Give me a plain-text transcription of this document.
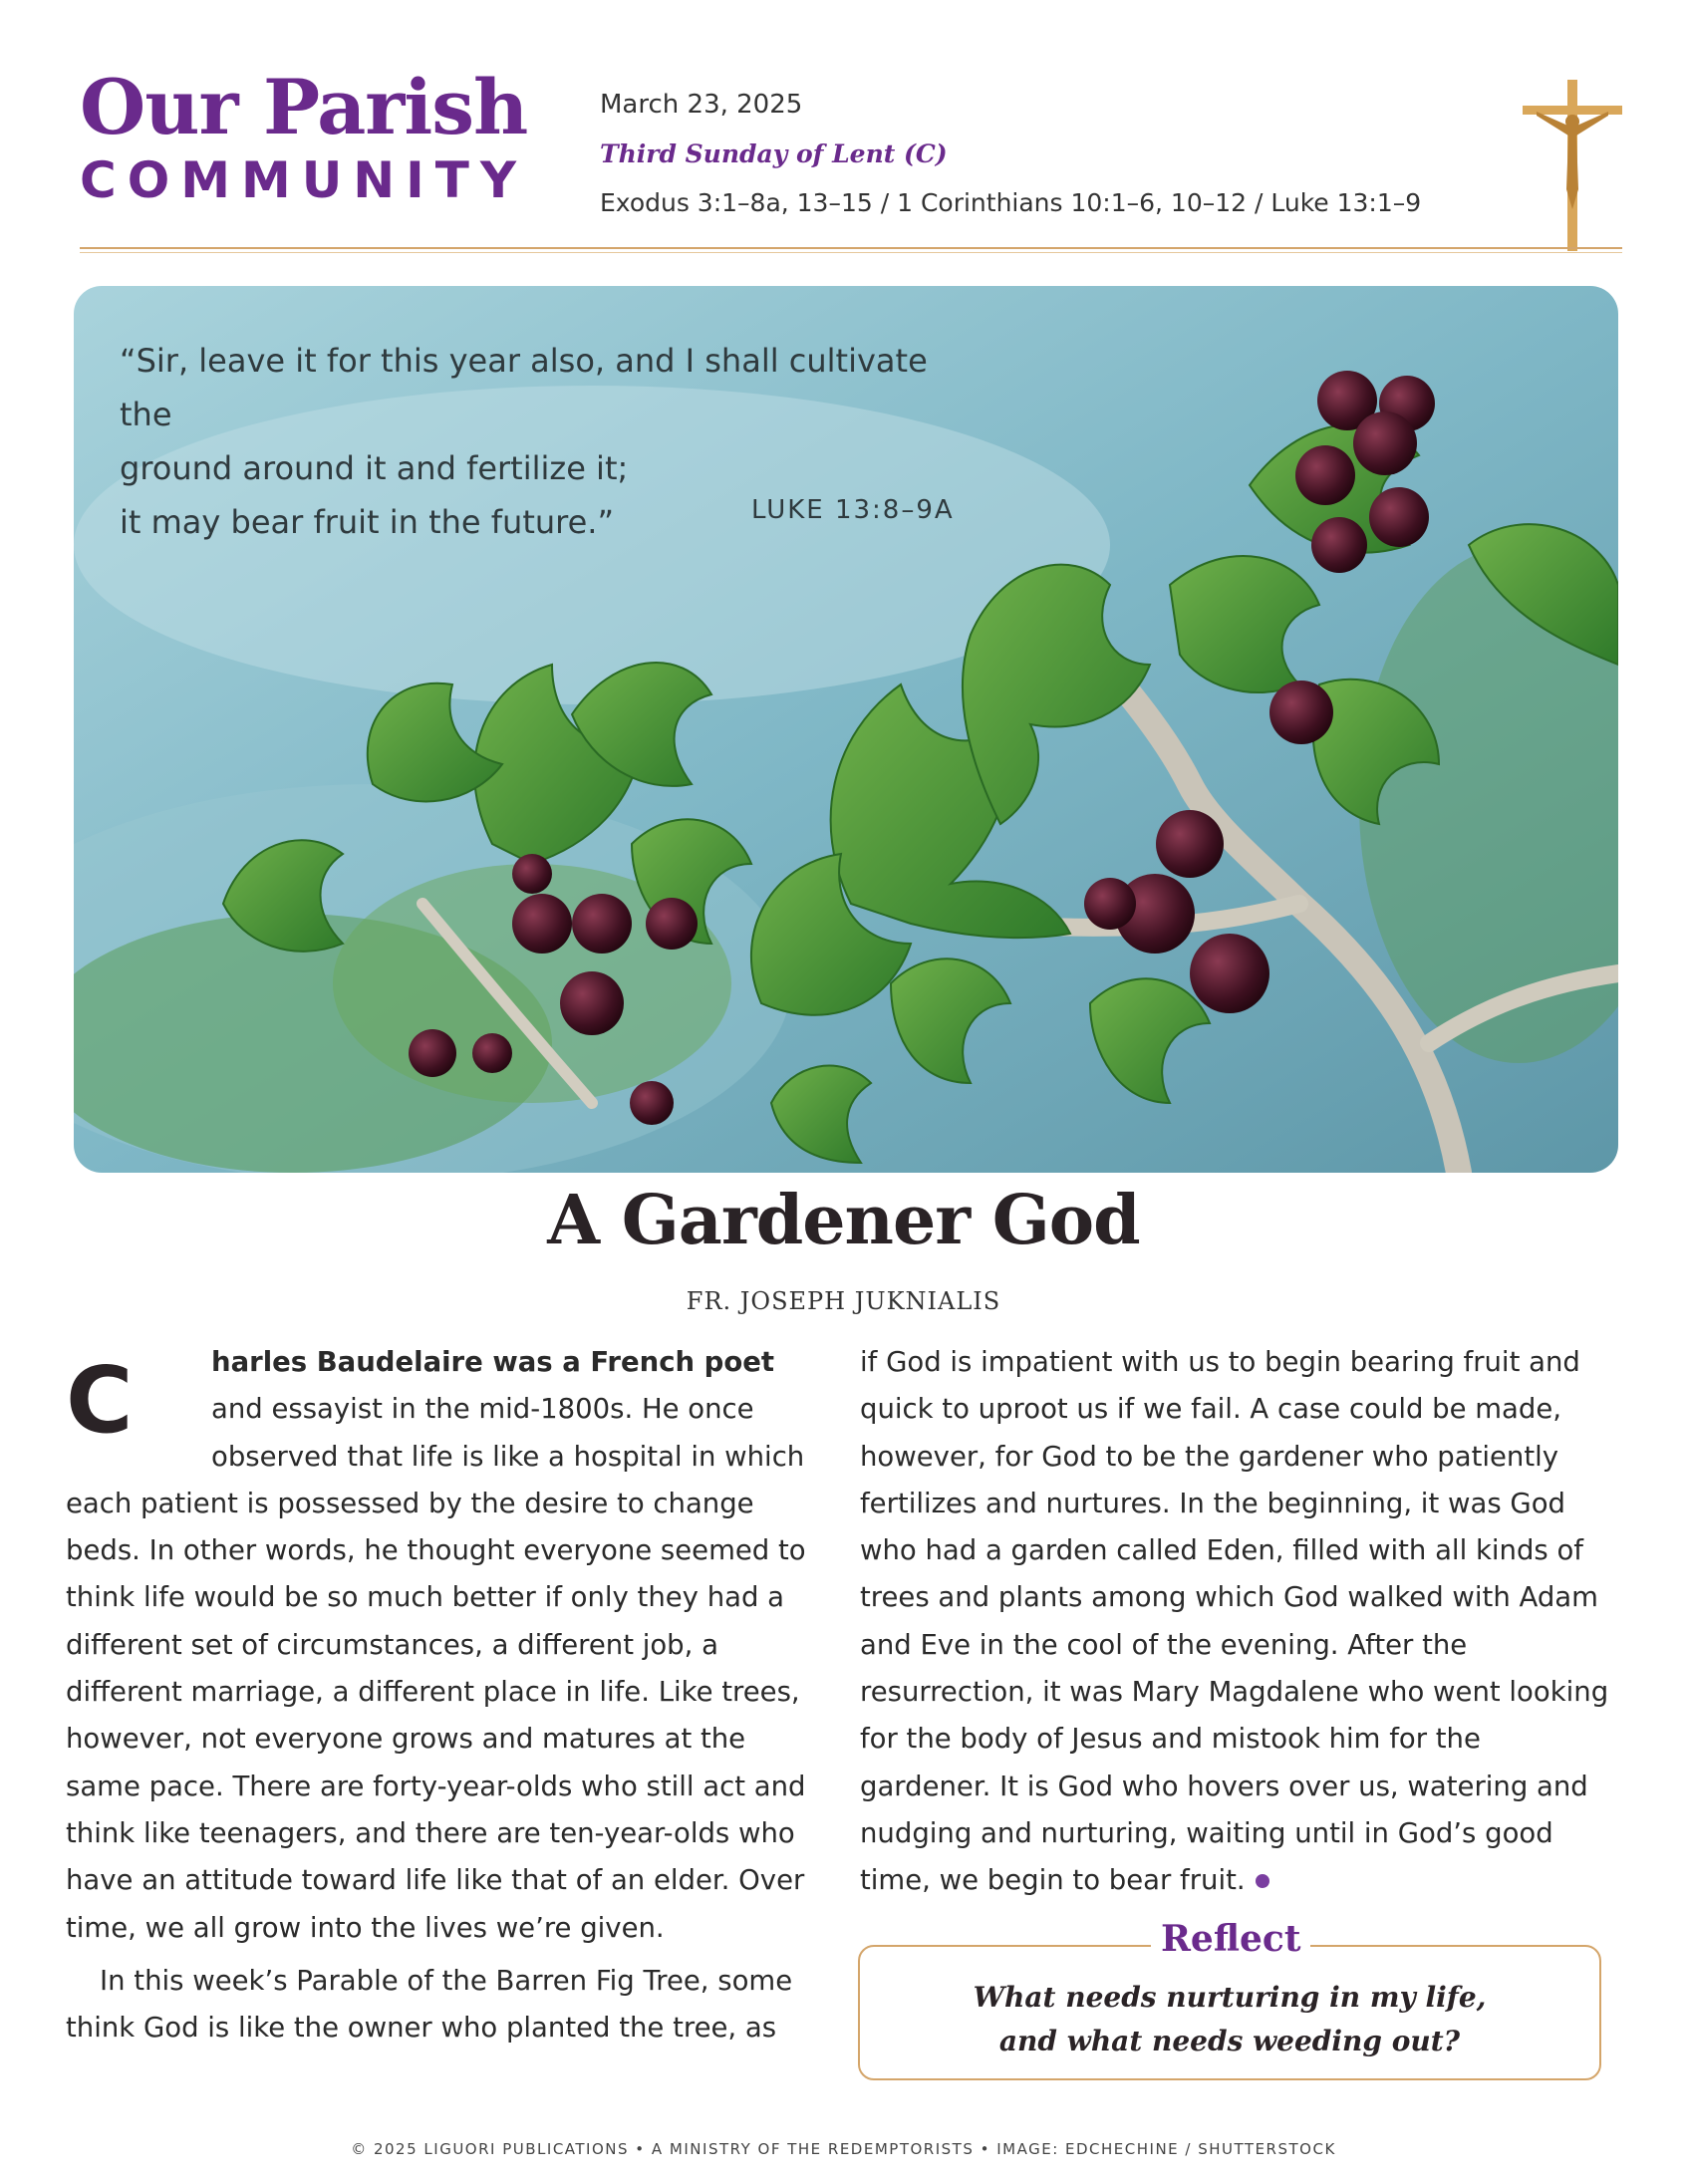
Our Parish
COMMUNITY
March 23, 2025
Third Sunday of Lent (C)
Exodus 3:1–8a, 13–15 / 1 Corinthians 10:1–6, 10–12 / Luke 13:1–9
“Sir, leave it for this year also, and I shall cultivate the
ground around it and fertilize it;
it may bear fruit in the future.”	LUKE 13:8–9A
A Gardener God
FR. JOSEPH JUKNIALIS

C	harles Baudelaire was a French poet and essayist in the mid-1800s. He once observed that life is like a hospital in which each patient is possessed by the desire to change beds. In other words, he thought everyone seemed to think life would be so much better if only they had a different set of circumstances, a different job, a different marriage, a different place in life. Like trees, however, not everyone grows and matures at the same pace. There are forty-year-olds who still act and think like teenagers, and there are ten-year-olds who have an attitude toward life like that of an elder. Over time, we all grow into the lives we’re given.

In this week’s Parable of the Barren Fig Tree, some think God is like the owner who planted the tree, as

if God is impatient with us to begin bearing fruit and quick to uproot us if we fail. A case could be made, however, for God to be the gardener who patiently fertilizes and nurtures. In the beginning, it was God who had a garden called Eden, filled with all kinds of trees and plants among which God walked with Adam and Eve in the cool of the evening. After the resurrection, it was Mary Magdalene who went looking for the body of Jesus and mistook him for the gardener. It is God who hovers over us, watering and nudging and nurturing, waiting until in God’s good time, we begin to bear fruit.

Reflect
What needs nurturing in my life,
and what needs weeding out?
© 2025 LIGUORI PUBLICATIONS • A MINISTRY OF THE REDEMPTORISTS • IMAGE: EDCHECHINE / SHUTTERSTOCK
